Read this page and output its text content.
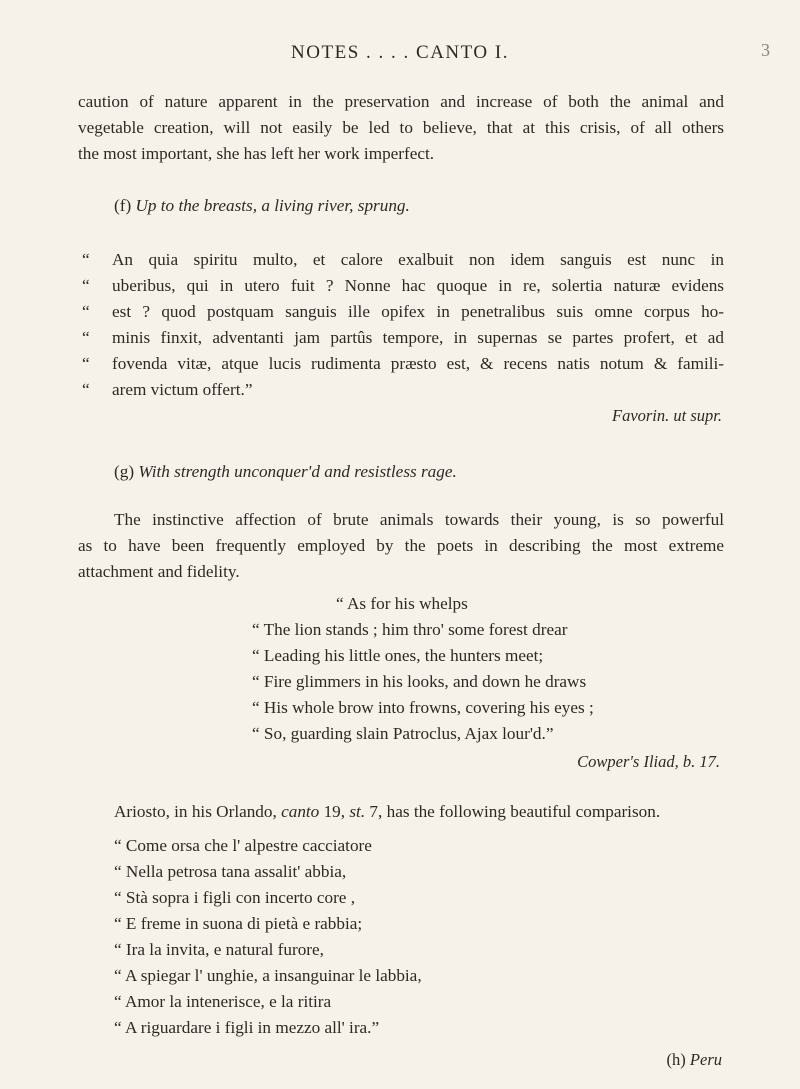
NOTES . . . . CANTO I.	3
caution of nature apparent in the preservation and increase of both the animal and
vegetable creation, will not easily be led to believe, that at this crisis, of all others
the most important, she has left her work imperfect.
(f) Up to the breasts, a living river, sprung.
“ An quia spiritu multo, et calore exalbuit non idem sanguis est nunc in
“ uberibus, qui in utero fuit ? Nonne hac quoque in re, solertia naturæ evidens
“ est ? quod postquam sanguis ille opifex in penetralibus suis omne corpus ho-
“ minis finxit, adventanti jam partûs tempore, in supernas se partes profert, et ad
“ fovenda vitæ, atque lucis rudimenta præsto est, & recens natis notum & famili-
“ arem victum offert.”
Favorin. ut supr.
(g) With strength unconquer'd and resistless rage.
The instinctive affection of brute animals towards their young, is so powerful
as to have been frequently employed by the poets in describing the most extreme
attachment and fidelity.
“ As for his whelps
“ The lion stands ; him thro' some forest drear
“ Leading his little ones, the hunters meet;
“ Fire glimmers in his looks, and down he draws
“ His whole brow into frowns, covering his eyes ;
“ So, guarding slain Patroclus, Ajax lour'd.”
Cowper's Iliad, b. 17.
Ariosto, in his Orlando, canto 19, st. 7, has the following beautiful comparison.
“ Come orsa che l' alpestre cacciatore
“ Nella petrosa tana assalit' abbia,
“ Stà sopra i figli con incerto core ,
“ E freme in suona di pietà e rabbia;
“ Ira la invita, e natural furore,
“ A spiegar l' unghie, a insanguinar le labbia,
“ Amor la intenerisce, e la ritira
“ A riguardare i figli in mezzo all' ira.”
(h) Peru
